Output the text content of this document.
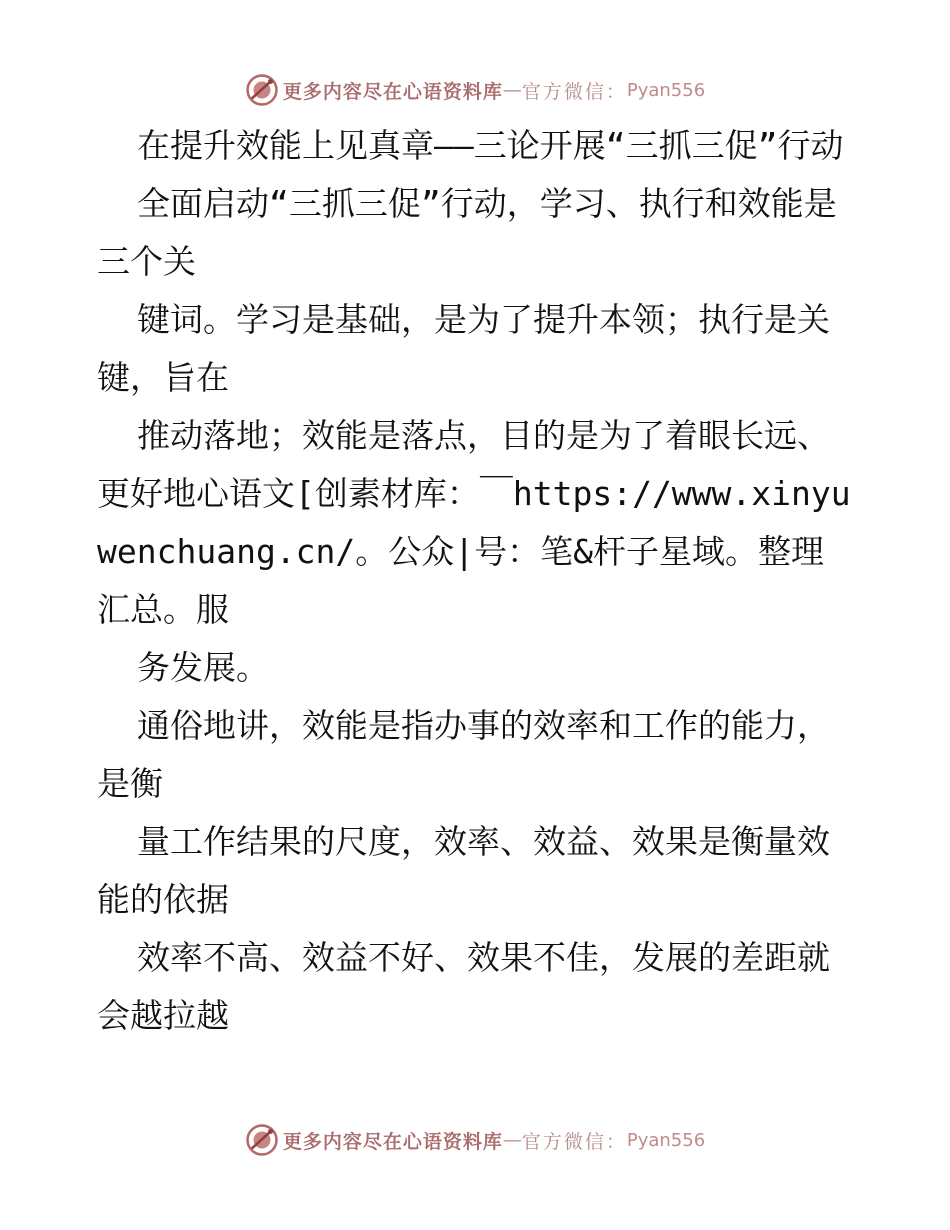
更多内容尽在心语资料库 — 官方微信： Pyan556

在提升效能上见真章——三论开展“三抓三促”行动

全面启动“三抓三促”行动，学习、执行和效能是三个关

键词。学习是基础，是为了提升本领；执行是关键，旨在

推动落地；效能是落点，目的是为了着眼长远、更好地心语文[创素材库：￣https://www.xinyuwenchuang.cn/。公众|号：笔&杆子星域。整理汇总。服

务发展。

通俗地讲，效能是指办事的效率和工作的能力，是衡

量工作结果的尺度，效率、效益、效果是衡量效能的依据

效率不高、效益不好、效果不佳，发展的差距就会越拉越

更多内容尽在心语资料库 — 官方微信： Pyan556
